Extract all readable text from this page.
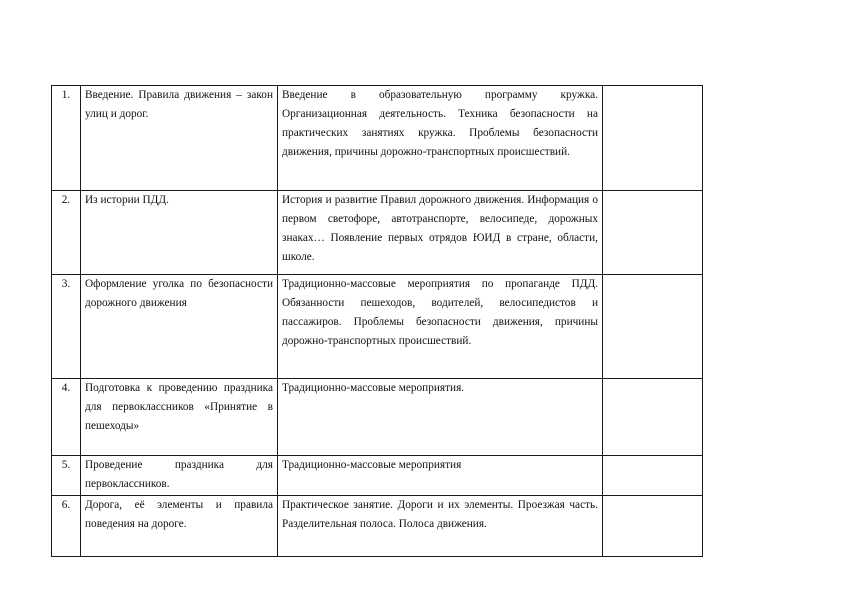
1.	Введение. Правила движения – закон улиц и дорог.	Введение в образовательную программу кружка. Организационная деятельность. Техника безопасности на практических занятиях кружка. Проблемы безопасности движения, причины дорожно-транспортных происшествий.	
2.	Из истории ПДД.	История и развитие Правил дорожного движения. Информация о первом светофоре, автотранспорте, велосипеде, дорожных знаках… Появление первых отрядов ЮИД в стране, области, школе.	
3.	Оформление уголка по безопасности дорожного движения	Традиционно-массовые мероприятия по пропаганде ПДД. Обязанности пешеходов, водителей, велосипедистов и пассажиров. Проблемы безопасности движения, причины дорожно-транспортных происшествий.	
4.	Подготовка к проведению праздника для первоклассников «Принятие в пешеходы»	Традиционно-массовые мероприятия.	
5.	Проведение праздника для первоклассников.	Традиционно-массовые мероприятия	
6.	Дорога, её элементы и правила поведения на дороге.	Практическое занятие. Дороги и их элементы. Проезжая часть. Разделительная полоса. Полоса движения.	
